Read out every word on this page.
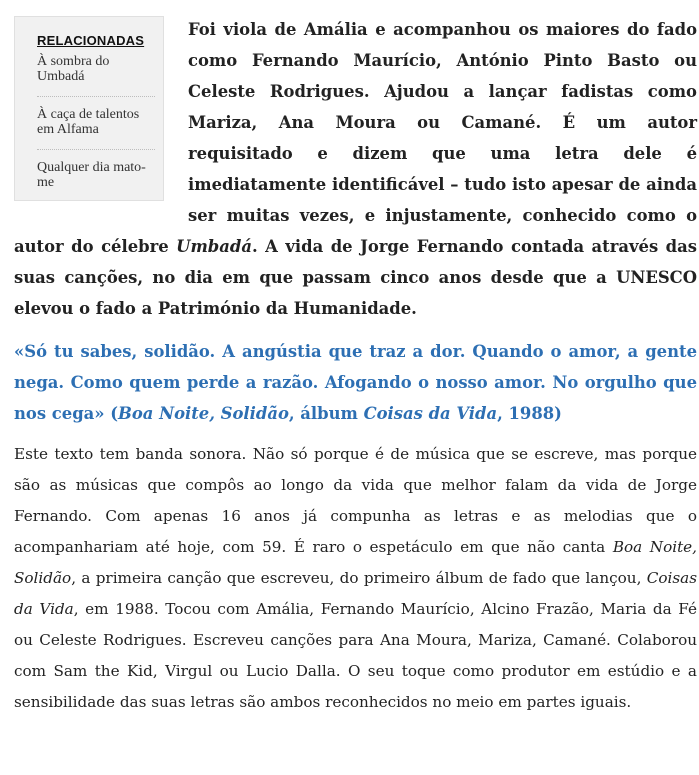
RELACIONADAS
À sombra do Umbadá
À caça de talentos em Alfama
Qualquer dia mato-me

Foi viola de Amália e acompanhou os maiores do fado como Fernando Maurício, António Pinto Basto ou Celeste Rodrigues. Ajudou a lançar fadistas como Mariza, Ana Moura ou Camané. É um autor requisitado e dizem que uma letra dele é imediatamente identificável – tudo isto apesar de ainda ser muitas vezes, e injustamente, conhecido como o autor do célebre Umbadá. A vida de Jorge Fernando contada através das suas canções, no dia em que passam cinco anos desde que a UNESCO elevou o fado a Património da Humanidade.

«Só tu sabes, solidão. A angústia que traz a dor. Quando o amor, a gente nega. Como quem perde a razão. Afogando o nosso amor. No orgulho que nos cega» (Boa Noite, Solidão, álbum Coisas da Vida, 1988)

Este texto tem banda sonora. Não só porque é de música que se escreve, mas porque são as músicas que compôs ao longo da vida que melhor falam da vida de Jorge Fernando. Com apenas 16 anos já compunha as letras e as melodias que o acompanhariam até hoje, com 59. É raro o espetáculo em que não canta Boa Noite, Solidão, a primeira canção que escreveu, do primeiro álbum de fado que lançou, Coisas da Vida, em 1988. Tocou com Amália, Fernando Maurício, Alcino Frazão, Maria da Fé ou Celeste Rodrigues. Escreveu canções para Ana Moura, Mariza, Camané. Colaborou com Sam the Kid, Virgul ou Lucio Dalla. O seu toque como produtor em estúdio e a sensibilidade das suas letras são ambos reconhecidos no meio em partes iguais.
